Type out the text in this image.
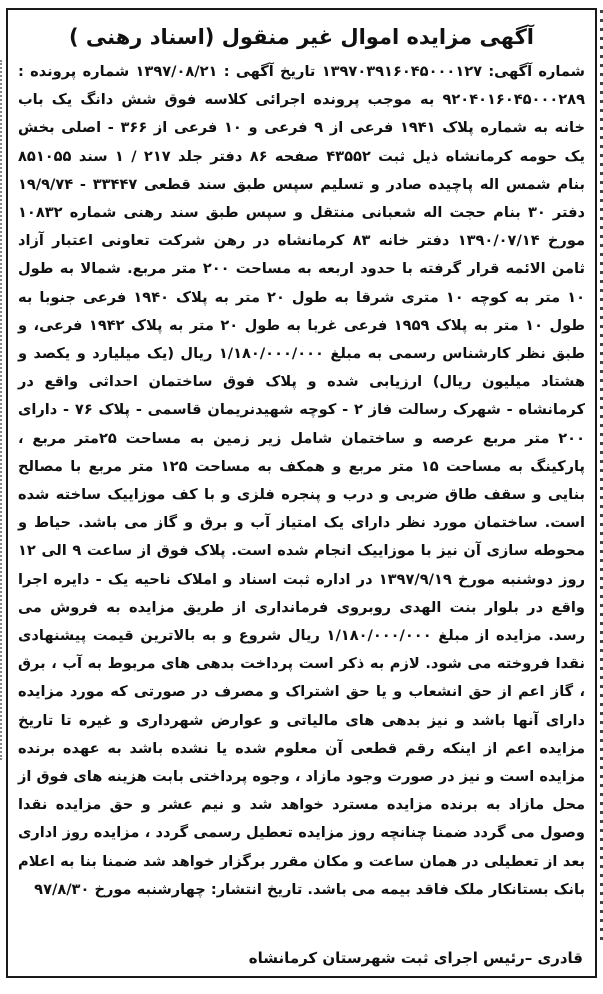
آگهی مزایده اموال غیر منقول (اسناد رهنی )

شماره آگهی: ۱۳۹۷۰۳۹۱۶۰۴۵۰۰۰۱۲۷ تاریخ آگهی : ۱۳۹۷/۰۸/۲۱ شماره پرونده : ۹۲۰۴۰۱۶۰۴۵۰۰۰۲۸۹ به موجب پرونده اجرائی کلاسه فوق شش دانگ یک باب خانه به شماره پلاک ۱۹۴۱ فرعی از ۹ فرعی و ۱۰ فرعی از ۳۶۶ - اصلی بخش یک حومه کرمانشاه ذیل ثبت ۴۳۵۵۲ صفحه ۸۶ دفتر جلد ۲۱۷ / ۱ سند ۸۵۱۰۵۵ بنام شمس اله پاچیده صادر و تسلیم سپس طبق سند قطعی ۳۳۴۴۷ - ۱۹/۹/۷۴ دفتر ۳۰ بنام حجت اله شعبانی منتقل و سپس طبق سند رهنی شماره ۱۰۸۳۲ مورخ ۱۳۹۰/۰۷/۱۴ دفتر خانه ۸۳ کرمانشاه در رهن شرکت تعاونی اعتبار آزاد ثامن الائمه قرار گرفته با حدود اربعه به مساحت ۲۰۰ متر مربع. شمالا به طول ۱۰ متر به کوچه ۱۰ متری شرقا به طول ۲۰ متر به پلاک ۱۹۴۰ فرعی جنوبا به طول ۱۰ متر به پلاک ۱۹۵۹ فرعی غربا به طول ۲۰ متر به پلاک ۱۹۴۲ فرعی، و طبق نظر کارشناس رسمی به مبلغ ۱/۱۸۰/۰۰۰/۰۰۰ ریال (یک میلیارد و یکصد و هشتاد میلیون ریال) ارزیابی شده و پلاک فوق ساختمان احداثی واقع در کرمانشاه - شهرک رسالت فاز ۲ - کوچه شهیدنریمان قاسمی - پلاک ۷۶ - دارای ۲۰۰ متر مربع عرصه و ساختمان شامل زیر زمین به مساحت ۲۵متر مربع ، پارکینگ به مساحت ۱۵ متر مربع و همکف به مساحت ۱۲۵ متر مربع با مصالح بنایی و سقف طاق ضربی و درب و پنجره فلزی و با کف موزاییک ساخته شده است. ساختمان مورد نظر دارای یک امتیاز آب و برق و گاز می باشد. حیاط و محوطه سازی آن نیز با موزاییک انجام شده است. پلاک فوق از ساعت ۹ الی ۱۲ روز دوشنبه مورخ ۱۳۹۷/۹/۱۹ در اداره ثبت اسناد و املاک ناحیه یک - دایره اجرا واقع در بلوار بنت الهدی روبروی فرمانداری از طریق مزایده به فروش می رسد. مزایده از مبلغ ۱/۱۸۰/۰۰۰/۰۰۰ ریال شروع و به بالاترین قیمت پیشنهادی نقدا فروخته می شود. لازم به ذکر است پرداخت بدهی های مربوط به آب ، برق ، گاز اعم از حق انشعاب و یا حق اشتراک و مصرف در صورتی که مورد مزایده دارای آنها باشد و نیز بدهی های مالیاتی و عوارض شهرداری و غیره تا تاریخ مزایده اعم از اینکه رقم قطعی آن معلوم شده یا نشده باشد به عهده برنده مزایده است و نیز در صورت وجود مازاد ، وجوه پرداختی بابت هزینه های فوق از محل مازاد به برنده مزایده مسترد خواهد شد و نیم عشر و حق مزایده نقدا وصول می گردد ضمنا چنانچه روز مزایده تعطیل رسمی گردد ، مزایده روز اداری بعد از تعطیلی در همان ساعت و مکان مقرر برگزار خواهد شد ضمنا بنا به اعلام بانک بستانکار ملک فاقد بیمه می باشد. تاریخ انتشار: چهارشنبه مورخ ۹۷/۸/۳۰

قادری –رئیس اجرای ثبت شهرستان کرمانشاه
